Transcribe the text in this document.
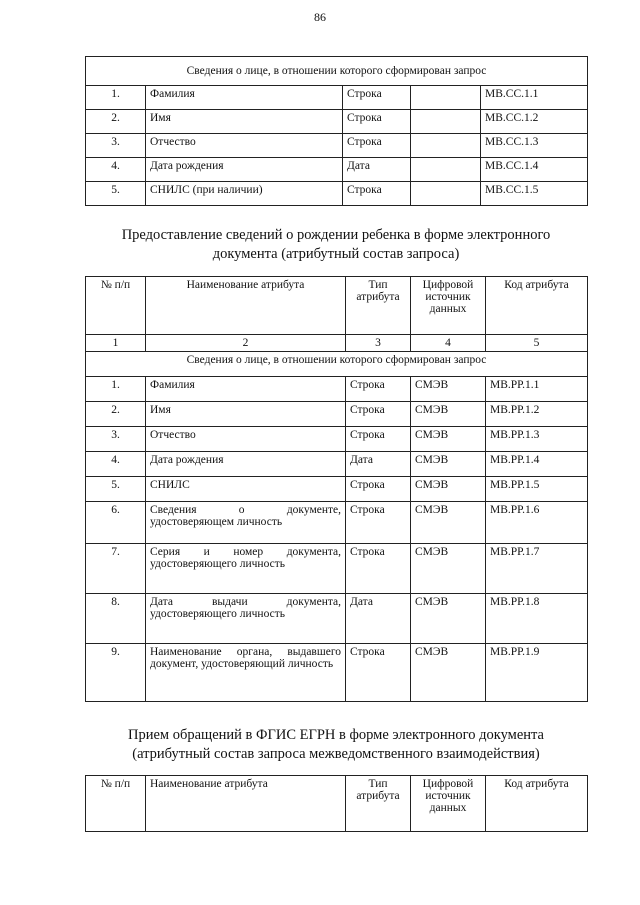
86
Сведения о лице, в отношении которого сформирован запрос				
1.	Фамилия	Строка		МВ.СС.1.1
2.	Имя	Строка		МВ.СС.1.2
3.	Отчество	Строка		МВ.СС.1.3
4.	Дата рождения	Дата		МВ.СС.1.4
5.	СНИЛС (при наличии)	Строка		МВ.СС.1.5
Предоставление сведений о рождении ребенка в форме электронного
документа (атрибутный состав запроса)
№ п/п	Наименование атрибута	Тип атрибута	Цифровой источник данных	Код атрибута
1	2	3	4	5
Сведения о лице, в отношении которого сформирован запрос				
1.	Фамилия	Строка	СМЭВ	МВ.РР.1.1
2.	Имя	Строка	СМЭВ	МВ.РР.1.2
3.	Отчество	Строка	СМЭВ	МВ.РР.1.3
4.	Дата рождения	Дата	СМЭВ	МВ.РР.1.4
5.	СНИЛС	Строка	СМЭВ	МВ.РР.1.5
6.	Сведения о документе, удостоверяющем личность	Строка	СМЭВ	МВ.РР.1.6
7.	Серия и номер документа, удостоверяющего личность	Строка	СМЭВ	МВ.РР.1.7
8.	Дата выдачи документа, удостоверяющего личность	Дата	СМЭВ	МВ.РР.1.8
9.	Наименование органа, выдавшего документ, удостоверяющий личность	Строка	СМЭВ	МВ.РР.1.9
Прием обращений в ФГИС ЕГРН в форме электронного документа
(атрибутный состав запроса межведомственного взаимодействия)
№ п/п	Наименование атрибута	Тип атрибута	Цифровой источник данных	Код атрибута
